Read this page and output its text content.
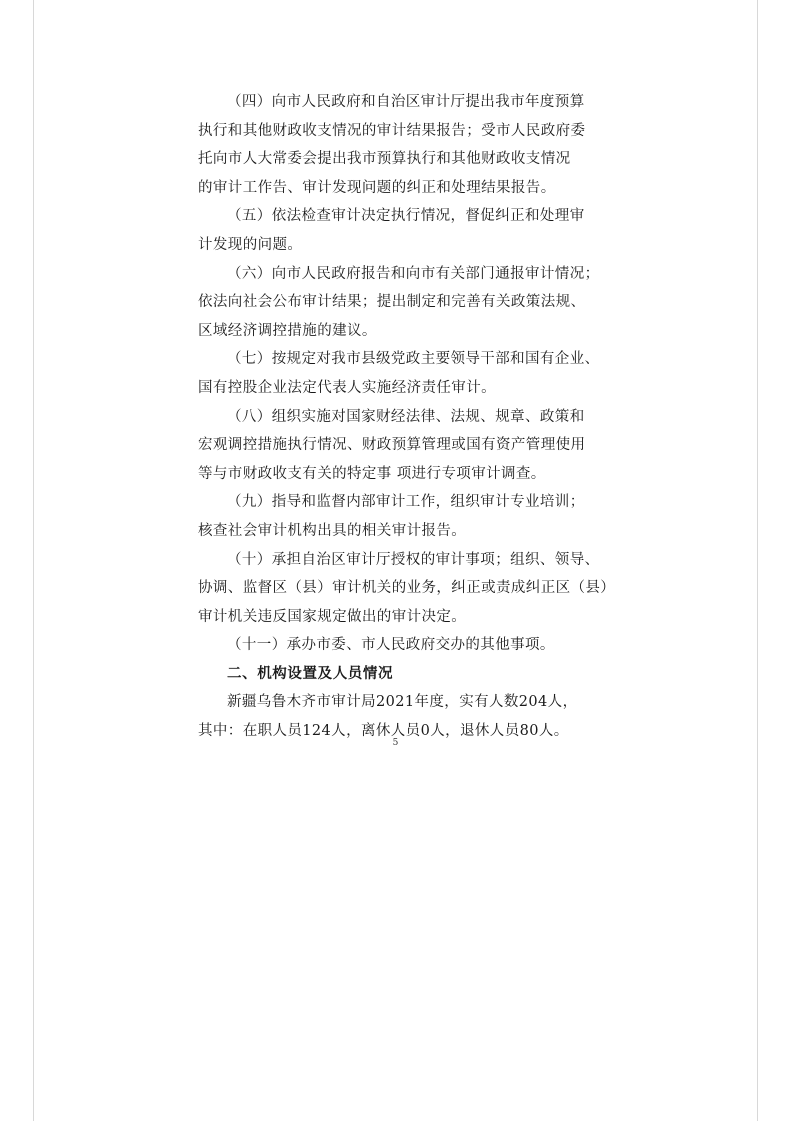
（四）向市人民政府和自治区审计厅提出我市年度预算
执行和其他财政收支情况的审计结果报告；受市人民政府委
托向市人大常委会提出我市预算执行和其他财政收支情况
的审计工作告、审计发现问题的纠正和处理结果报告。
（五）依法检查审计决定执行情况，督促纠正和处理审
计发现的问题。
（六）向市人民政府报告和向市有关部门通报审计情况；
依法向社会公布审计结果；提出制定和完善有关政策法规、
区域经济调控措施的建议。
（七）按规定对我市县级党政主要领导干部和国有企业、
国有控股企业法定代表人实施经济责任审计。
（八）组织实施对国家财经法律、法规、规章、政策和
宏观调控措施执行情况、财政预算管理或国有资产管理使用
等与市财政收支有关的特定事 项进行专项审计调查。
（九）指导和监督内部审计工作，组织审计专业培训；
核查社会审计机构出具的相关审计报告。
（十）承担自治区审计厅授权的审计事项；组织、领导、
协调、监督区（县）审计机关的业务，纠正或责成纠正区（县）
审计机关违反国家规定做出的审计决定。
（十一）承办市委、市人民政府交办的其他事项。
二、机构设置及人员情况
新疆乌鲁木齐市审计局2021年度，实有人数204人，
其中：在职人员124人，离休人员0人，退休人员80人。
5
